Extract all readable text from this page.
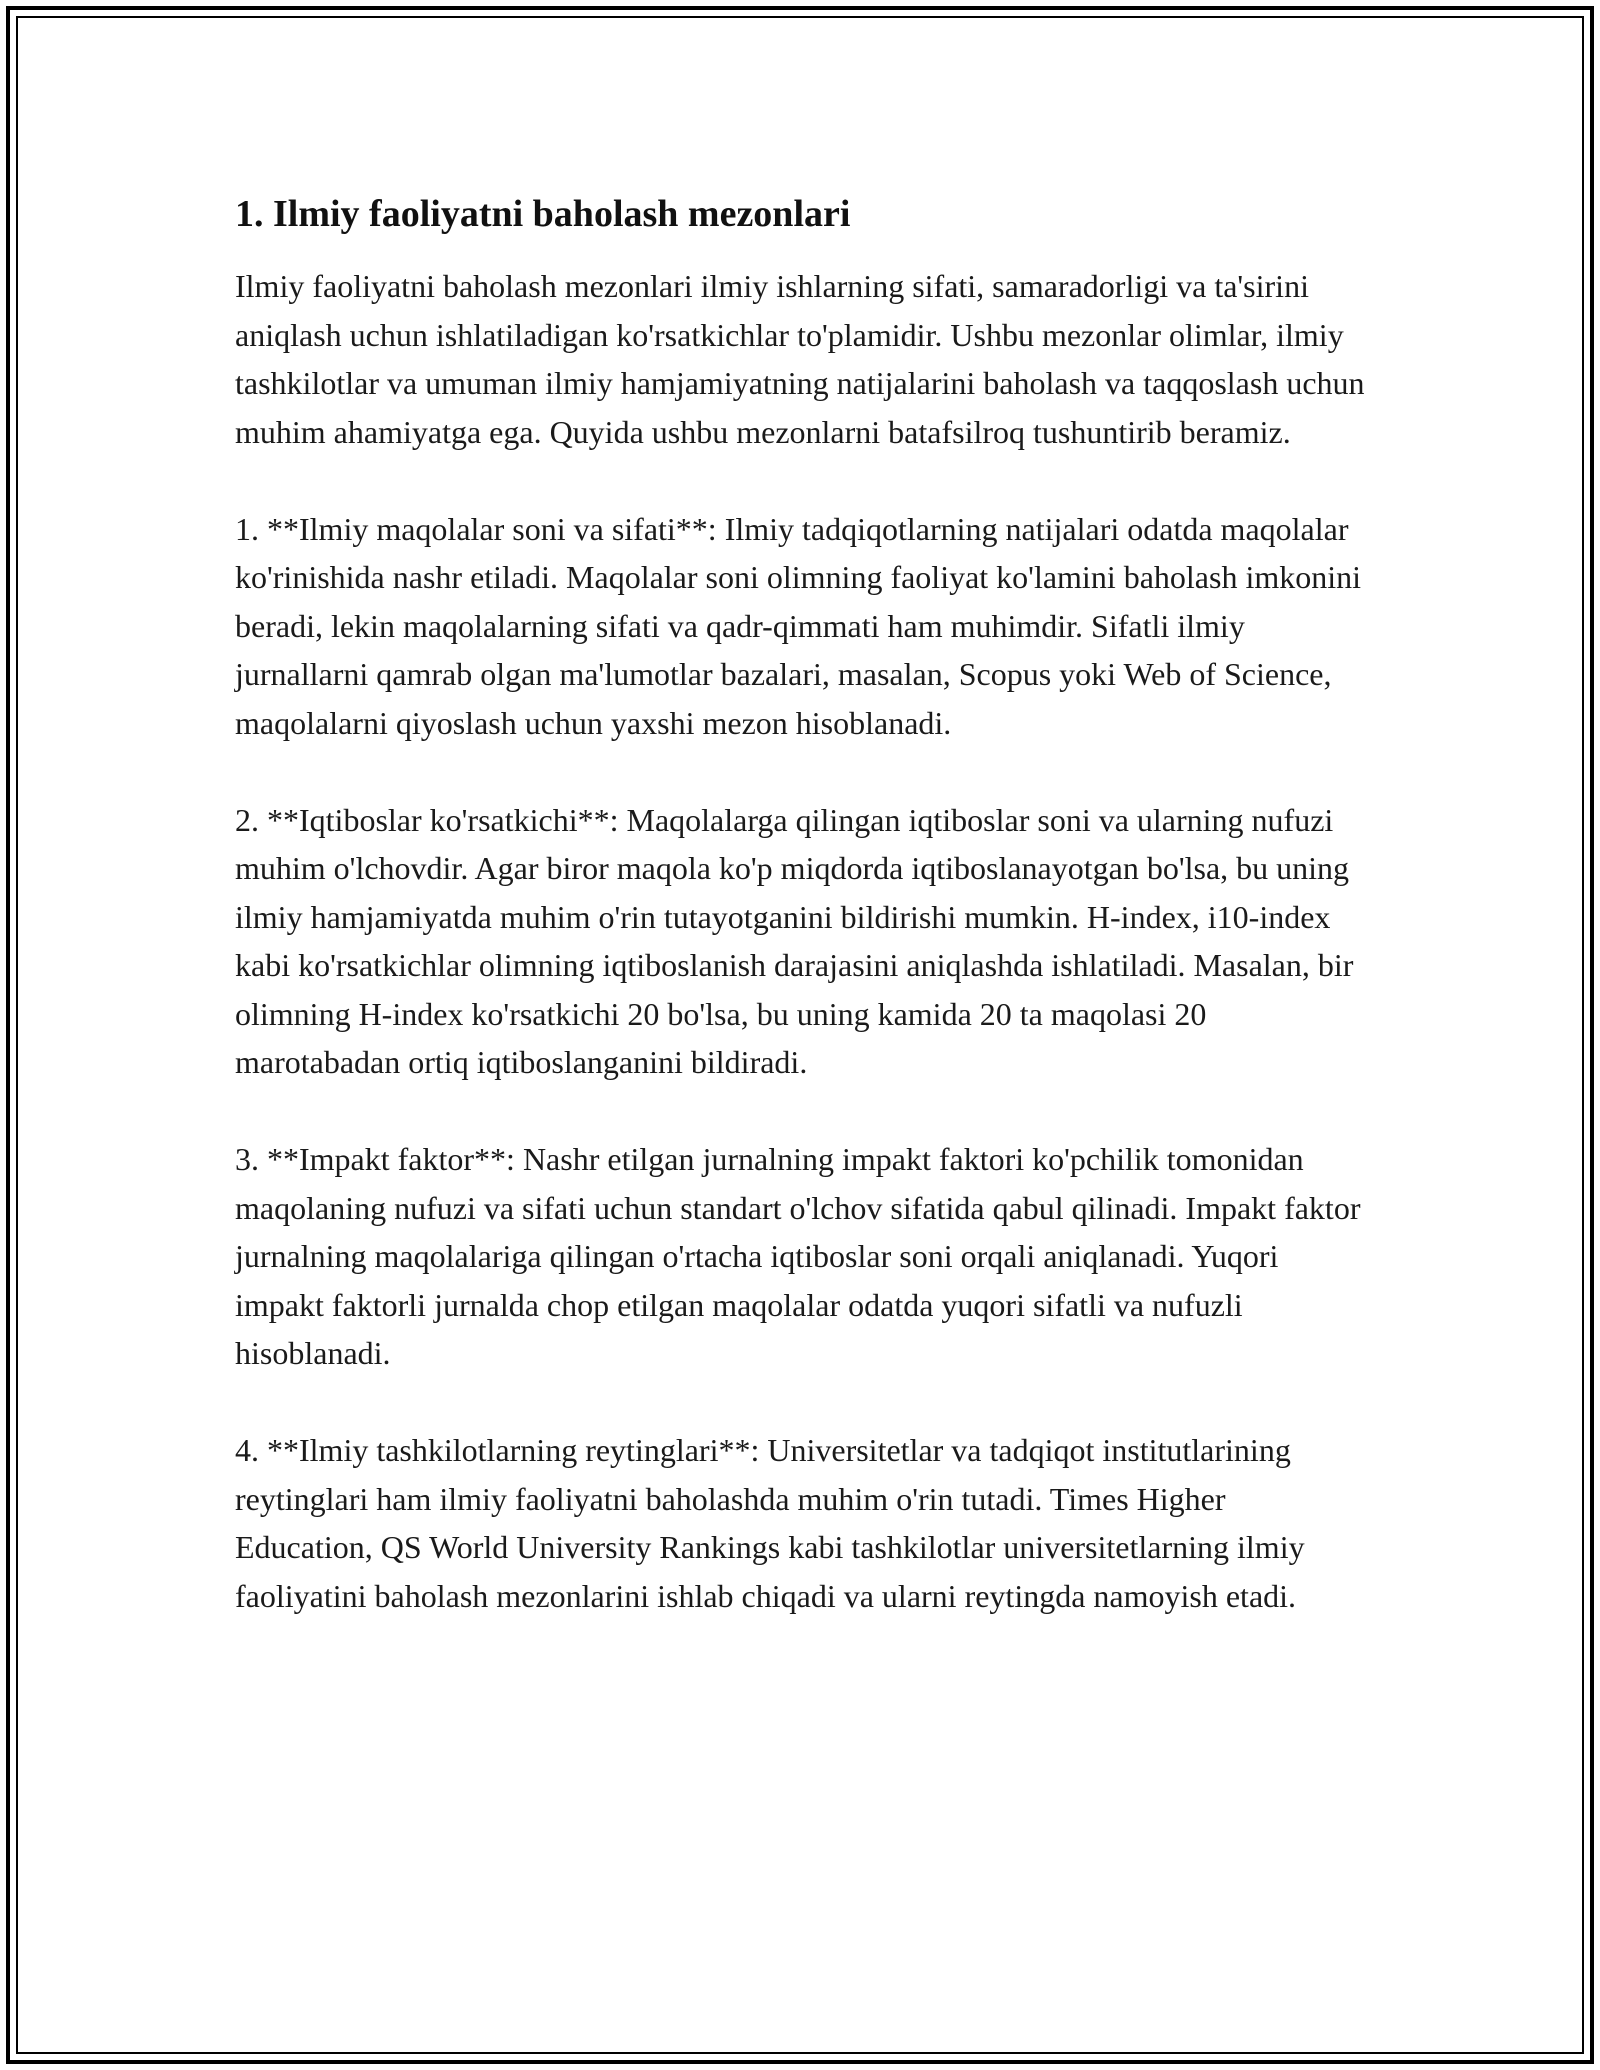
1. Ilmiy faoliyatni baholash mezonlari

Ilmiy faoliyatni baholash mezonlari ilmiy ishlarning sifati, samaradorligi va ta'sirini aniqlash uchun ishlatiladigan ko'rsatkichlar to'plamidir. Ushbu mezonlar olimlar, ilmiy tashkilotlar va umuman ilmiy hamjamiyatning natijalarini baholash va taqqoslash uchun muhim ahamiyatga ega. Quyida ushbu mezonlarni batafsilroq tushuntirib beramiz.

1. **Ilmiy maqolalar soni va sifati**: Ilmiy tadqiqotlarning natijalari odatda maqolalar ko'rinishida nashr etiladi. Maqolalar soni olimning faoliyat ko'lamini baholash imkonini beradi, lekin maqolalarning sifati va qadr-qimmati ham muhimdir. Sifatli ilmiy jurnallarni qamrab olgan ma'lumotlar bazalari, masalan, Scopus yoki Web of Science, maqolalarni qiyoslash uchun yaxshi mezon hisoblanadi.

2. **Iqtiboslar ko'rsatkichi**: Maqolalarga qilingan iqtiboslar soni va ularning nufuzi muhim o'lchovdir. Agar biror maqola ko'p miqdorda iqtiboslanayotgan bo'lsa, bu uning ilmiy hamjamiyatda muhim o'rin tutayotganini bildirishi mumkin. H-index, i10-index kabi ko'rsatkichlar olimning iqtiboslanish darajasini aniqlashda ishlatiladi. Masalan, bir olimning H-index ko'rsatkichi 20 bo'lsa, bu uning kamida 20 ta maqolasi 20 marotabadan ortiq iqtiboslanganini bildiradi.

3. **Impakt faktor**: Nashr etilgan jurnalning impakt faktori ko'pchilik tomonidan maqolaning nufuzi va sifati uchun standart o'lchov sifatida qabul qilinadi. Impakt faktor jurnalning maqolalariga qilingan o'rtacha iqtiboslar soni orqali aniqlanadi. Yuqori impakt faktorli jurnalda chop etilgan maqolalar odatda yuqori sifatli va nufuzli hisoblanadi.

4. **Ilmiy tashkilotlarning reytinglari**: Universitetlar va tadqiqot institutlarining reytinglari ham ilmiy faoliyatni baholashda muhim o'rin tutadi. Times Higher Education, QS World University Rankings kabi tashkilotlar universitetlarning ilmiy faoliyatini baholash mezonlarini ishlab chiqadi va ularni reytingda namoyish etadi.
